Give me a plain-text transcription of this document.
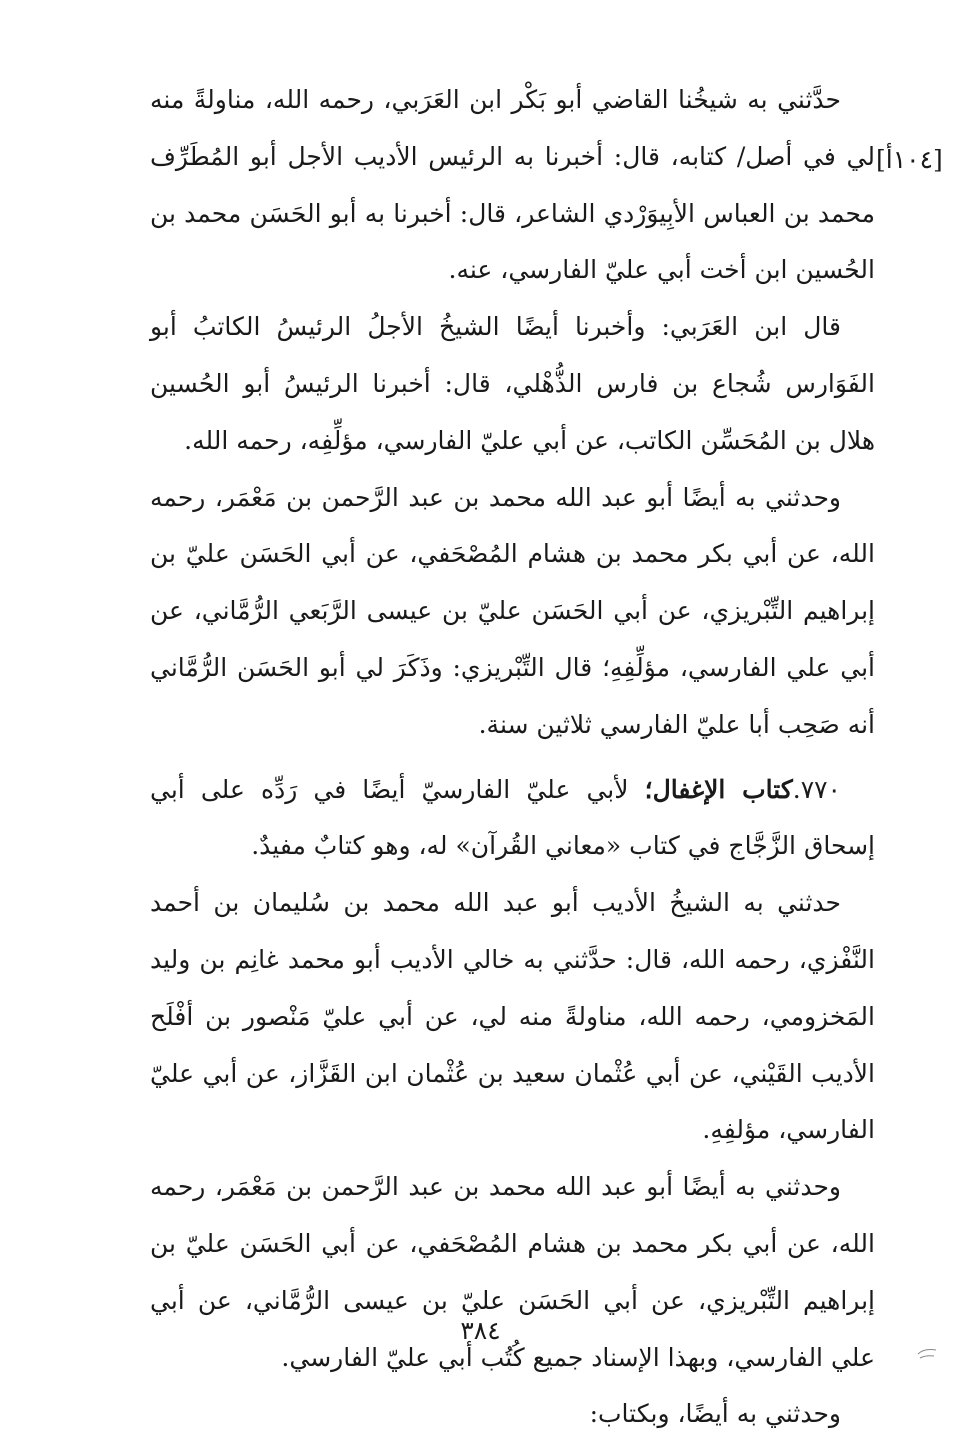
[١٠٤أ]

حدَّثني به شيخُنا القاضي أبو بَكْر ابن العَرَبي، رحمه الله، مناولةً منه لي في أصل/ كتابه، قال: أخبرنا به الرئيس الأديب الأجل أبو المُطَرِّف محمد بن العباس الأبِيوَرْدي الشاعر، قال: أخبرنا به أبو الحَسَن محمد بن الحُسين ابن أخت أبي عليّ الفارسي، عنه.

قال ابن العَرَبي: وأخبرنا أيضًا الشيخُ الأجلُ الرئيسُ الكاتبُ أبو الفَوَارس شُجاع بن فارس الذُّهْلي، قال: أخبرنا الرئيسُ أبو الحُسين هلال بن المُحَسِّن الكاتب، عن أبي عليّ الفارسي، مؤلِّفِه، رحمه الله.

وحدثني به أيضًا أبو عبد الله محمد بن عبد الرَّحمن بن مَعْمَر، رحمه الله، عن أبي بكر محمد بن هشام المُصْحَفي، عن أبي الحَسَن عليّ بن إبراهيم التِّبْريزي، عن أبي الحَسَن عليّ بن عيسى الرَّبَعي الرُّمَّاني، عن أبي علي الفارسي، مؤلِّفِهِ؛ قال التِّبْريزي: وذَكَرَ لي أبو الحَسَن الرُّمَّاني أنه صَحِب أبا عليّ الفارسي ثلاثين سنة.

٧٧٠.كتاب الإغفال؛ لأبي عليّ الفارسيّ أيضًا في رَدِّه على أبي إسحاق الزَّجَّاج في كتاب «معاني القُرآن» له، وهو كتابٌ مفيدٌ.

حدثني به الشيخُ الأديب أبو عبد الله محمد بن سُليمان بن أحمد النَّفْزي، رحمه الله، قال: حدَّثني به خالي الأديب أبو محمد غانِم بن وليد المَخزومي، رحمه الله، مناولةً منه لي، عن أبي عليّ مَنْصور بن أفْلَح الأديب القَيْني، عن أبي عُثْمان سعيد بن عُثْمان ابن القَزَّاز، عن أبي عليّ الفارسي، مؤلفِهِ.

وحدثني به أيضًا أبو عبد الله محمد بن عبد الرَّحمن بن مَعْمَر، رحمه الله، عن أبي بكر محمد بن هشام المُصْحَفي، عن أبي الحَسَن عليّ بن إبراهيم التِّبْريزي، عن أبي الحَسَن عليّ بن عيسى الرُّمَّاني، عن أبي علي الفارسي، وبهذا الإسناد جميع كُتُب أبي عليّ الفارسي.

وحدثني به أيضًا، وبكتاب:

٣٨٤
